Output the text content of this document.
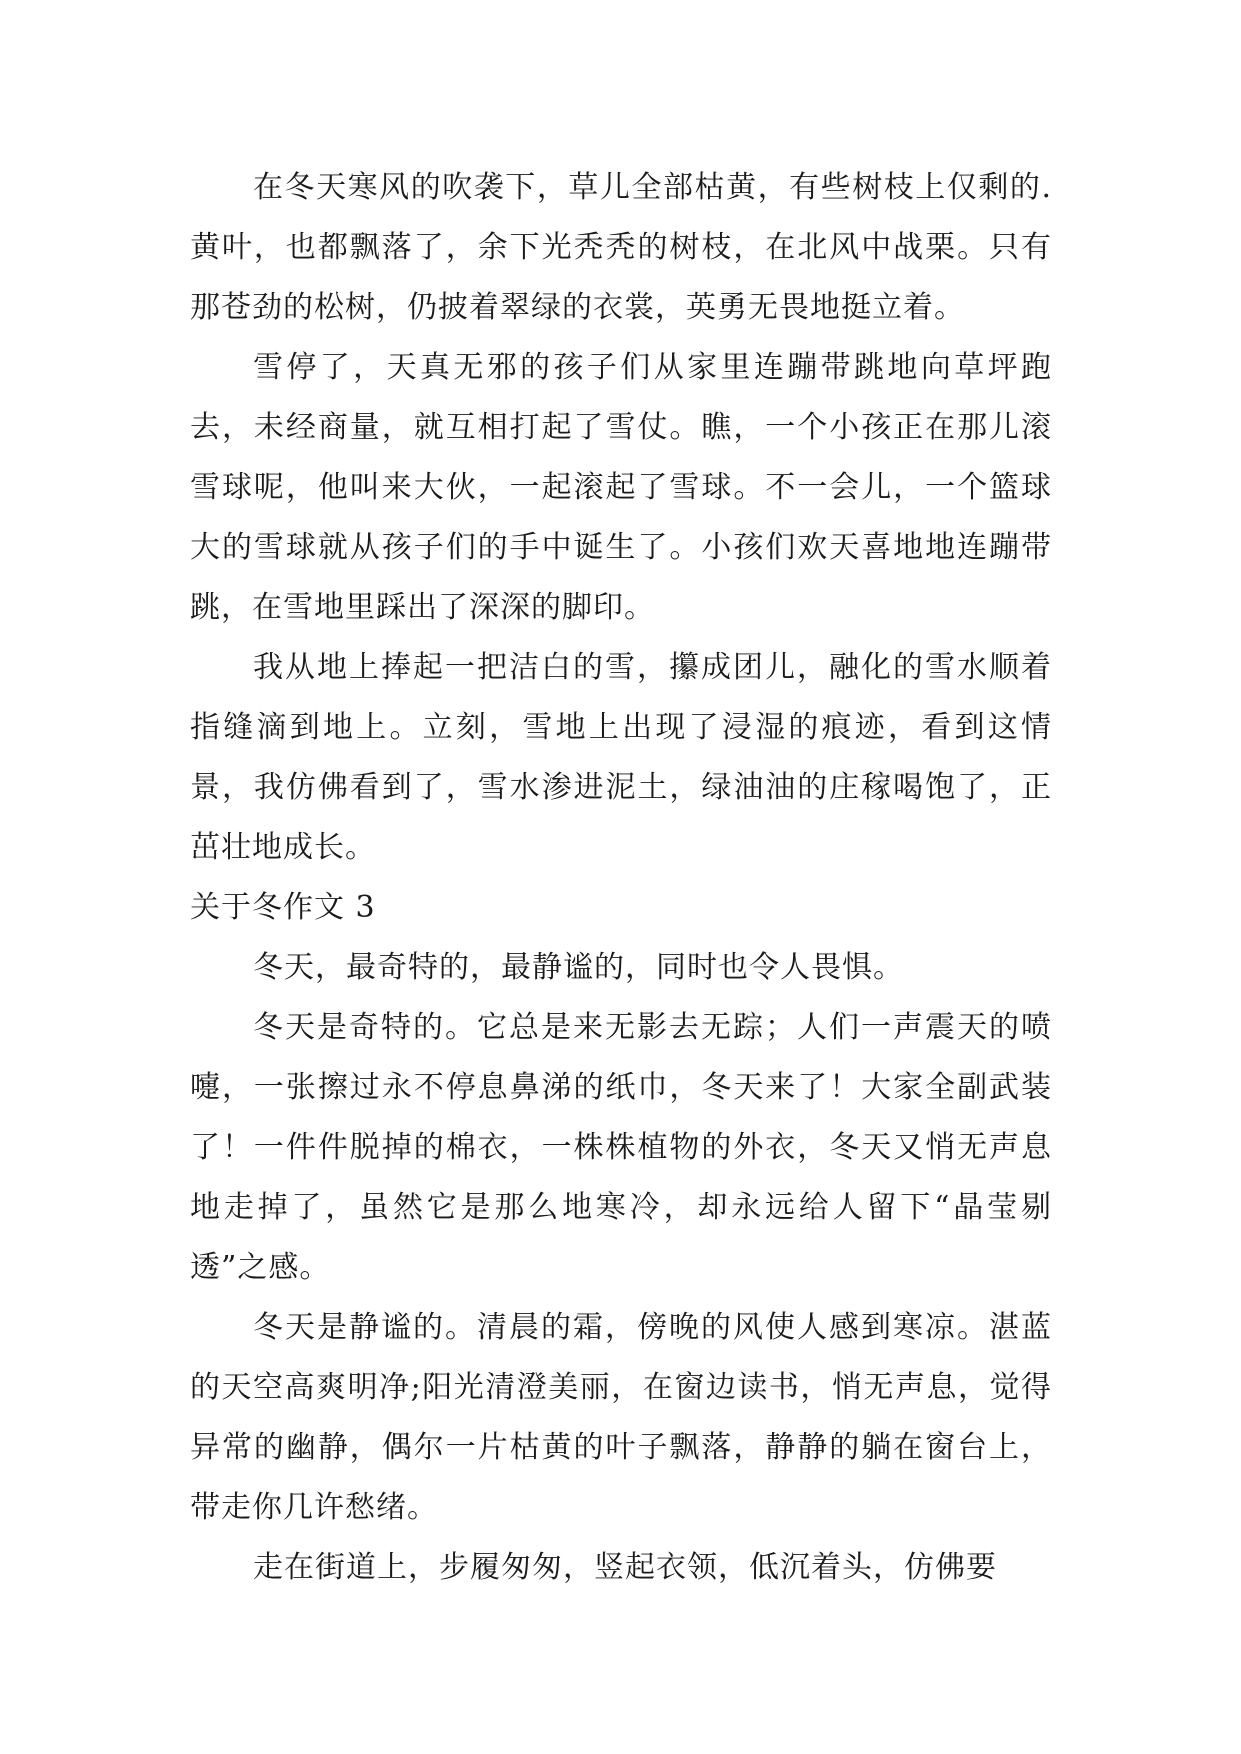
在冬天寒风的吹袭下，草儿全部枯黄，有些树枝上仅剩的.黄叶，也都飘落了，余下光秃秃的树枝，在北风中战栗。只有那苍劲的松树，仍披着翠绿的衣裳，英勇无畏地挺立着。

雪停了，天真无邪的孩子们从家里连蹦带跳地向草坪跑去，未经商量，就互相打起了雪仗。瞧，一个小孩正在那儿滚雪球呢，他叫来大伙，一起滚起了雪球。不一会儿，一个篮球大的雪球就从孩子们的手中诞生了。小孩们欢天喜地地连蹦带跳，在雪地里踩出了深深的脚印。

我从地上捧起一把洁白的雪，攥成团儿，融化的雪水顺着指缝滴到地上。立刻，雪地上出现了浸湿的痕迹，看到这情景，我仿佛看到了，雪水渗进泥土，绿油油的庄稼喝饱了，正茁壮地成长。

关于冬作文 3

冬天，最奇特的，最静谧的，同时也令人畏惧。

冬天是奇特的。它总是来无影去无踪；人们一声震天的喷嚏，一张擦过永不停息鼻涕的纸巾，冬天来了！大家全副武装了！一件件脱掉的棉衣，一株株植物的外衣，冬天又悄无声息地走掉了，虽然它是那么地寒冷，却永远给人留下“晶莹剔透”之感。

冬天是静谧的。清晨的霜，傍晚的风使人感到寒凉。湛蓝的天空高爽明净;阳光清澄美丽，在窗边读书，悄无声息，觉得异常的幽静，偶尔一片枯黄的叶子飘落，静静的躺在窗台上，带走你几许愁绪。

走在街道上，步履匆匆，竖起衣领，低沉着头，仿佛要
